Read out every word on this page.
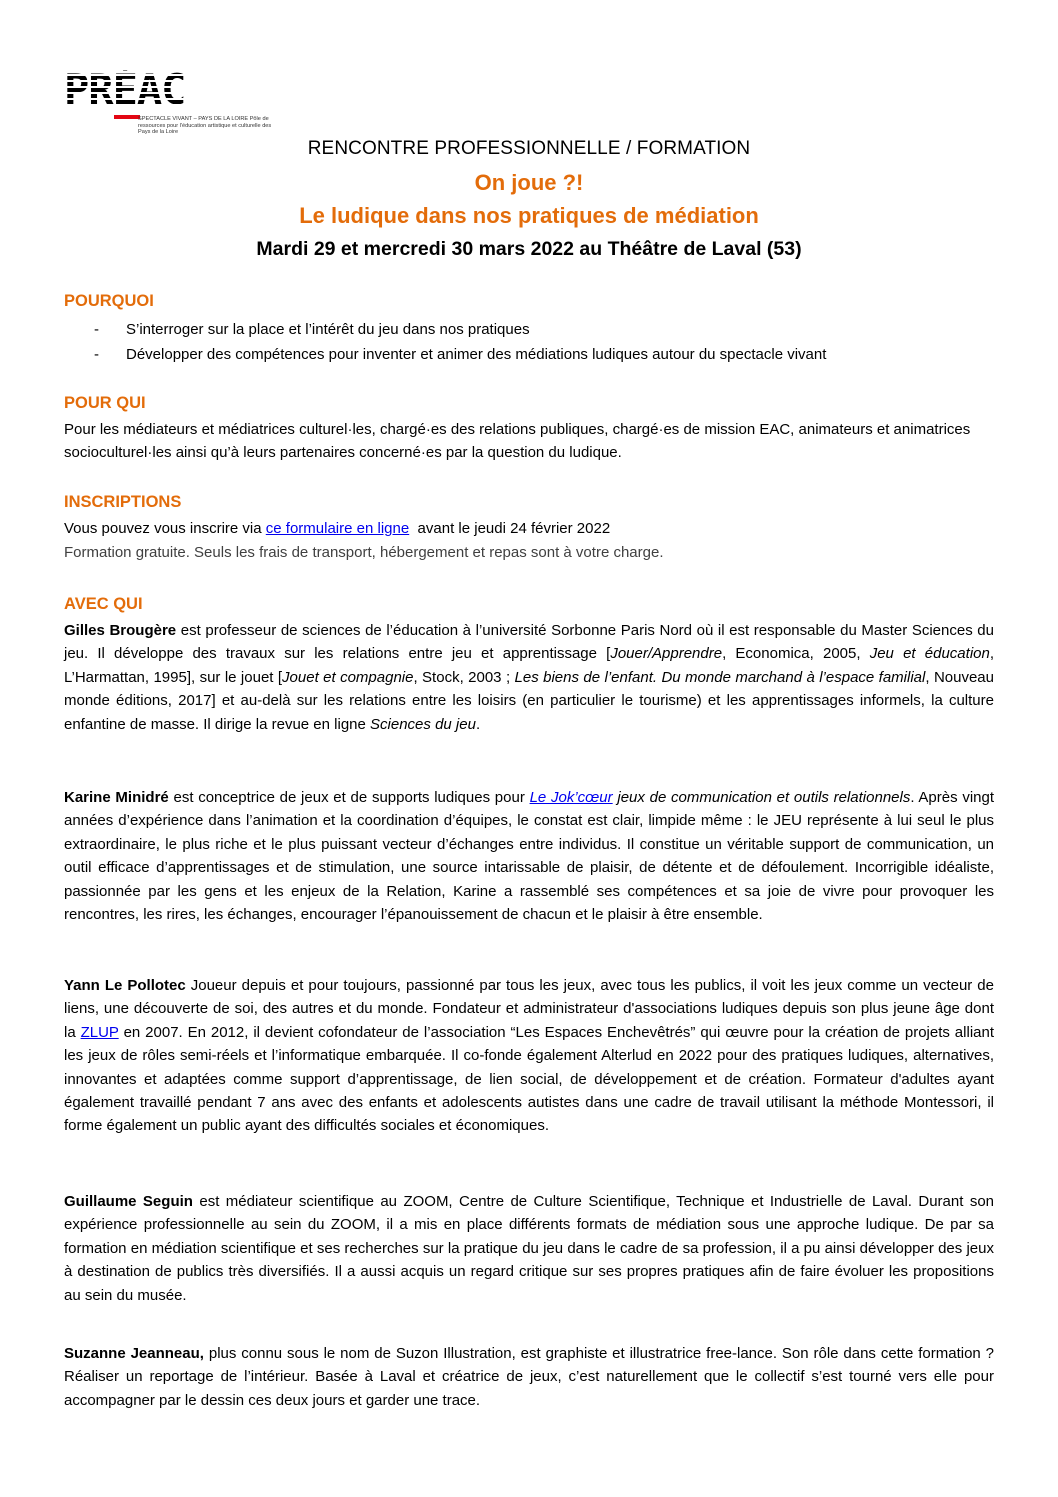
PRÉAC
SPECTACLE VIVANT – PAYS DE LA LOIRE Pôle de ressources pour l'éducation artistique et culturelle des Pays de la Loire
RENCONTRE PROFESSIONNELLE / FORMATION
On joue ?!
Le ludique dans nos pratiques de médiation
Mardi 29 et mercredi 30 mars 2022 au Théâtre de Laval (53)
POURQUOI
- S’interroger sur la place et l’intérêt du jeu dans nos pratiques
- Développer des compétences pour inventer et animer des médiations ludiques autour du spectacle vivant
POUR QUI
Pour les médiateurs et médiatrices culturel·les, chargé·es des relations publiques, chargé·es de mission EAC, animateurs et animatrices socioculturel·les ainsi qu’à leurs partenaires concerné·es par la question du ludique.
INSCRIPTIONS
Vous pouvez vous inscrire via ce formulaire en ligne  avant le jeudi 24 février 2022
Formation gratuite. Seuls les frais de transport, hébergement et repas sont à votre charge.
AVEC QUI
Gilles Brougère est professeur de sciences de l’éducation à l’université Sorbonne Paris Nord où il est responsable du Master Sciences du jeu. Il développe des travaux sur les relations entre jeu et apprentissage [Jouer/Apprendre, Economica, 2005, Jeu et éducation, L’Harmattan, 1995], sur le jouet [Jouet et compagnie, Stock, 2003 ; Les biens de l’enfant. Du monde marchand à l’espace familial, Nouveau monde éditions, 2017] et au-delà sur les relations entre les loisirs (en particulier le tourisme) et les apprentissages informels, la culture enfantine de masse. Il dirige la revue en ligne Sciences du jeu.
Karine Minidré est conceptrice de jeux et de supports ludiques pour Le Jok’cœur jeux de communication et outils relationnels. Après vingt années d’expérience dans l’animation et la coordination d’équipes, le constat est clair, limpide même : le JEU représente à lui seul le plus extraordinaire, le plus riche et le plus puissant vecteur d’échanges entre individus. Il constitue un véritable support de communication, un outil efficace d’apprentissages et de stimulation, une source intarissable de plaisir, de détente et de défoulement. Incorrigible idéaliste, passionnée par les gens et les enjeux de la Relation, Karine a rassemblé ses compétences et sa joie de vivre pour provoquer les rencontres, les rires, les échanges, encourager l’épanouissement de chacun et le plaisir à être ensemble.
Yann Le Pollotec Joueur depuis et pour toujours, passionné par tous les jeux, avec tous les publics, il voit les jeux comme un vecteur de liens, une découverte de soi, des autres et du monde. Fondateur et administrateur d'associations ludiques depuis son plus jeune âge dont la ZLUP en 2007. En 2012, il devient cofondateur de l’association “Les Espaces Enchevêtrés” qui œuvre pour la création de projets alliant les jeux de rôles semi-réels et l’informatique embarquée. Il co-fonde également Alterlud en 2022 pour des pratiques ludiques, alternatives, innovantes et adaptées comme support d’apprentissage, de lien social, de développement et de création. Formateur d'adultes ayant également travaillé pendant 7 ans avec des enfants et adolescents autistes dans une cadre de travail utilisant la méthode Montessori, il forme également un public ayant des difficultés sociales et économiques.
Guillaume Seguin est médiateur scientifique au ZOOM, Centre de Culture Scientifique, Technique et Industrielle de Laval. Durant son expérience professionnelle au sein du ZOOM, il a mis en place différents formats de médiation sous une approche ludique. De par sa formation en médiation scientifique et ses recherches sur la pratique du jeu dans le cadre de sa profession, il a pu ainsi développer des jeux à destination de publics très diversifiés. Il a aussi acquis un regard critique sur ses propres pratiques afin de faire évoluer les propositions au sein du musée.
Suzanne Jeanneau, plus connu sous le nom de Suzon Illustration, est graphiste et illustratrice free-lance. Son rôle dans cette formation ? Réaliser un reportage de l’intérieur. Basée à Laval et créatrice de jeux, c’est naturellement que le collectif s’est tourné vers elle pour accompagner par le dessin ces deux jours et garder une trace.
